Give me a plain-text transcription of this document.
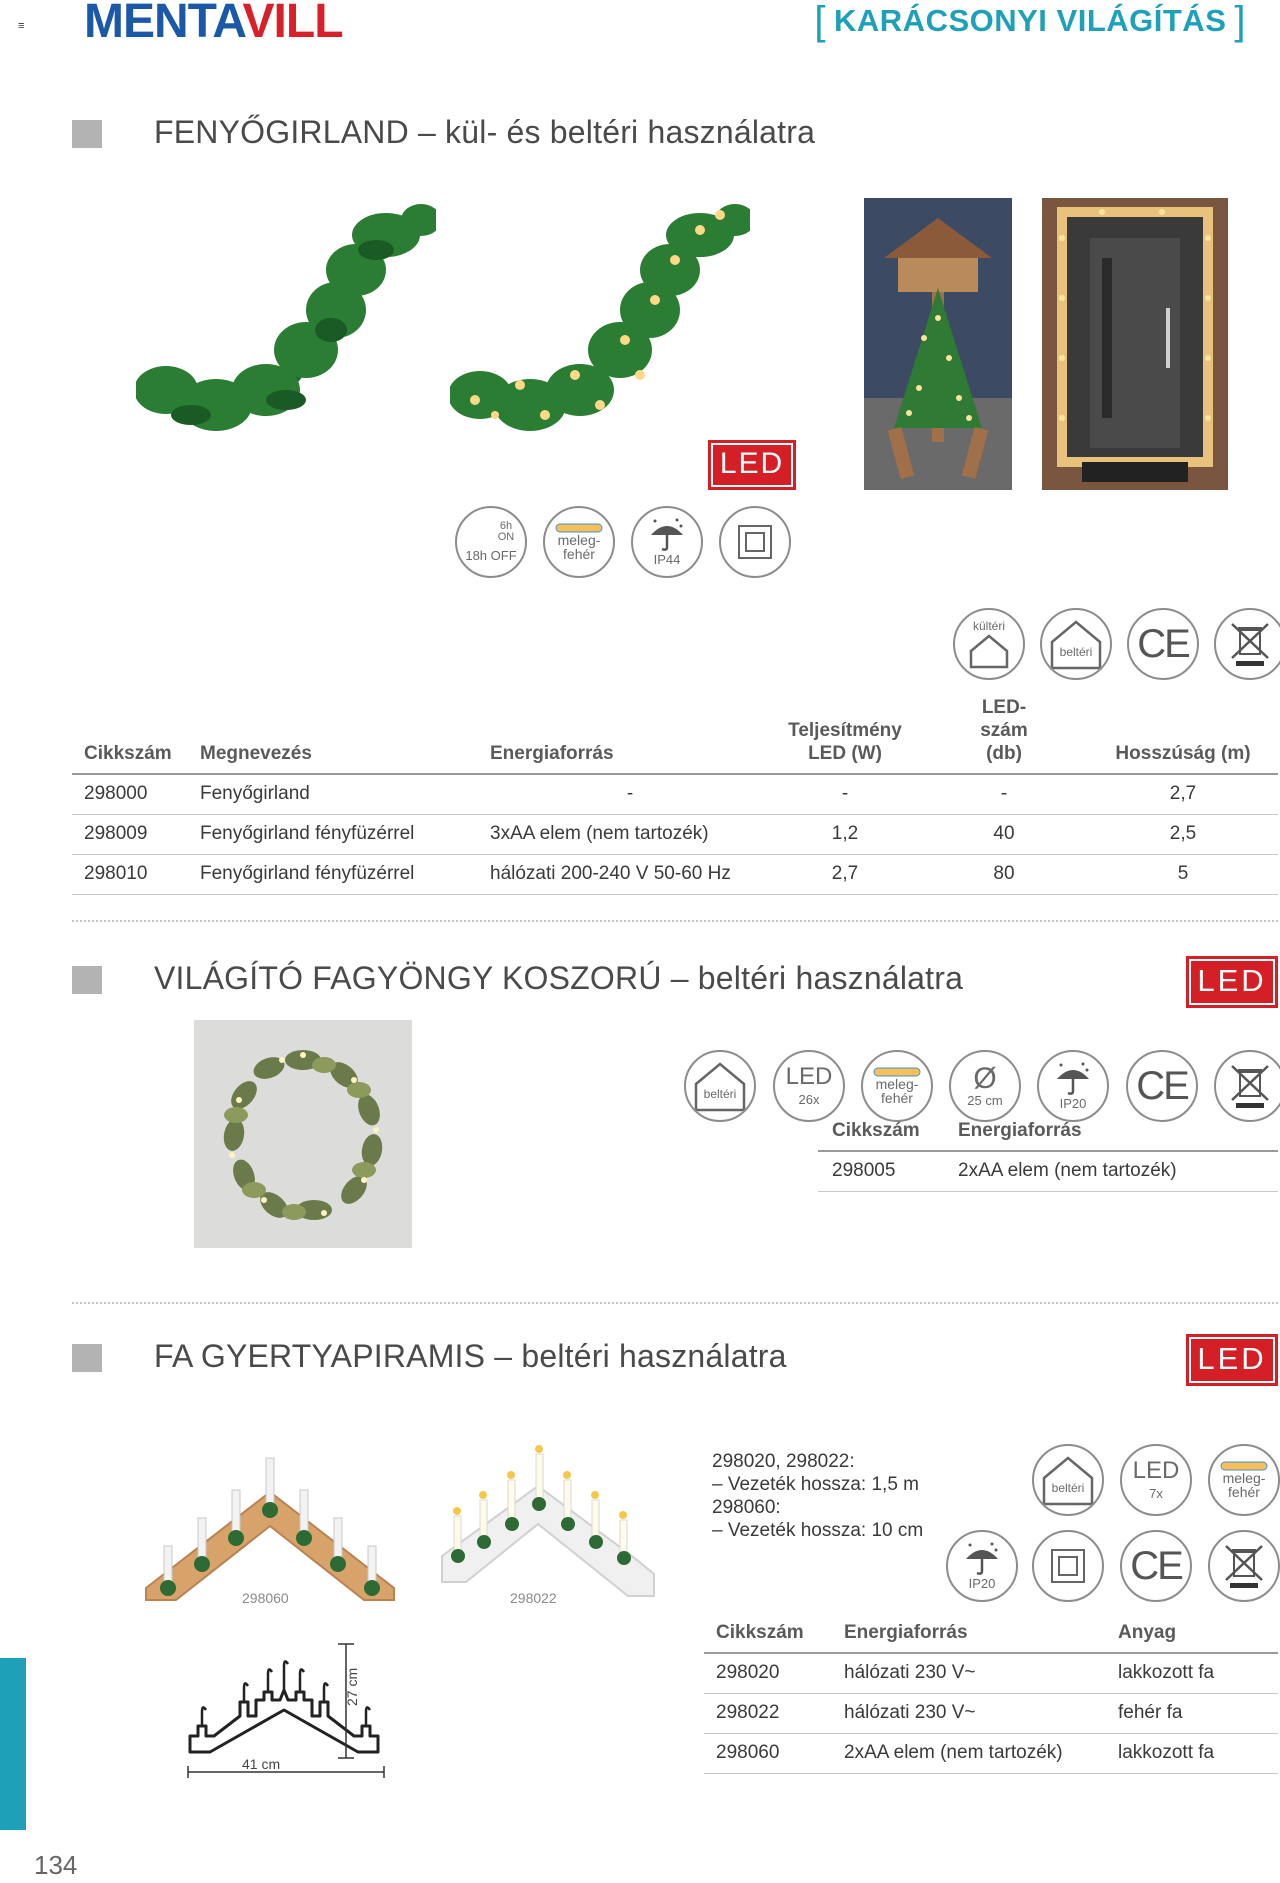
≡ MENTAVILL	[ KARÁCSONYI VILÁGÍTÁS ]
FENYŐGIRLAND – kül- és beltéri használatra
LED
6h ON
18h OFF
meleg-
fehér	IP44
kültéri
beltéri	CE
Cikkszám	Megnevezés	Energiaforrás	Teljesítmény LED (W)	LED-szám (db)	Hosszúság (m)
298000	Fenyőgirland	-	-	-	2,7
298009	Fenyőgirland fényfüzérrel	3xAA elem (nem tartozék)	1,2	40	2,5
298010	Fenyőgirland fényfüzérrel	hálózati 200-240 V 50-60 Hz	2,7	80	5
VILÁGÍTÓ FAGYÖNGY KOSZORÚ – beltéri használatra	LED
beltéri
LED
26x
meleg-
fehér
Ø
25 cm	IP20 CE
Cikkszám	Energiaforrás
298005	2xAA elem (nem tartozék)
FA GYERTYAPIRAMIS – beltéri használatra	LED
298060	298022
41 cm
27 cm
298020, 298022:
– Vezeték hossza: 1,5 m
298060:
– Vezeték hossza: 10 cm
beltéri
LED
7x
meleg-
fehér
IP20	CE
Cikkszám	Energiaforrás	Anyag
298020	hálózati 230 V~	lakkozott fa
298022	hálózati 230 V~	fehér fa
298060	2xAA elem (nem tartozék)	lakkozott fa
134
